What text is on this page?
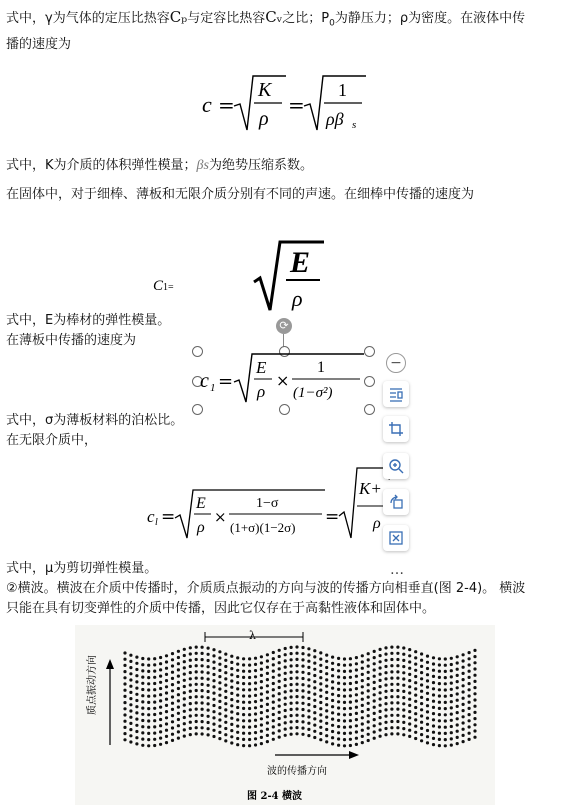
式中，γ为气体的定压比热容Cₚ与定容比热容Cᵥ之比；$P_0$为静压力；ρ为密度。在液体中传
播的速度为
c =
K
ρ
=
1
ρβ s
式中，K为介质的体积弹性模量；βs为绝势压缩系数。
在固体中，对于细棒、薄板和无限介质分别有不同的声速。在细棒中传播的速度为
C1=
E
ρ
式中，E为棒材的弹性模量。
在薄板中传播的速度为
⟳
c 1 =
E
ρ
×
1
(1−σ²)
式中，σ为薄板材料的泊松比。
在无限介质中，
c l =
E
ρ
×
1−σ
(1+σ)(1−2σ)
=
K+
ρ
−
…
式中，μ为剪切弹性模量。
②横波。横波在介质中传播时，介质质点振动的方向与波的传播方向相垂直(图 2-4)。 横波
只能在具有切变弹性的介质中传播，因此它仅存在于高黏性液体和固体中。
λ
质点振动方向
波的传播方向
图 2-4 横波
